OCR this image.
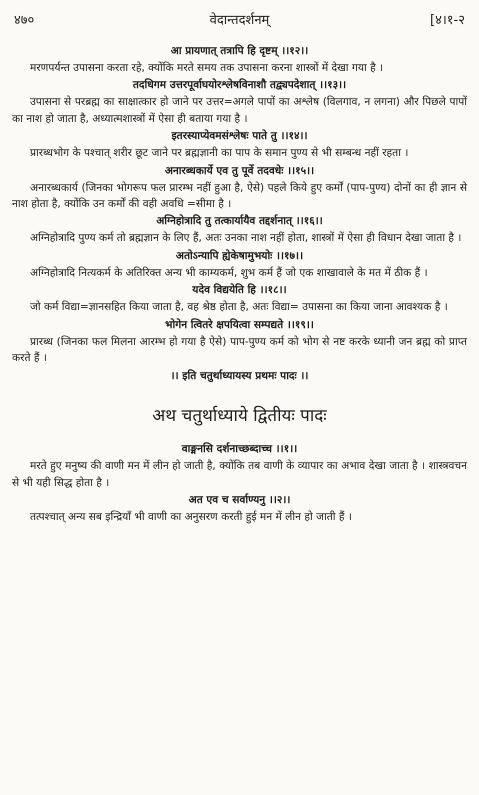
४७०	वेदान्तदर्शनम्	[४।१-२

आ प्रायणात् तत्रापि हि दृष्टम् ।।१२।।

मरणपर्यन्त उपासना करता रहे, क्योंकि मरते समय तक उपासना करना शास्त्रों में देखा गया है ।

तदधिगम उत्तरपूर्वाघयोरश्लेषविनाशौ तद्व्यपदेशात् ।।१३।।

उपासना से परब्रह्म का साक्षात्कार हो जाने पर उत्तर=अगले पापों का अश्लेष (विलगाव, न लगना) और पिछले पापों का नाश हो जाता है, अध्यात्मशास्त्रों में ऐसा ही बताया गया है ।

इतरस्याप्येवमसंश्लेषः पाते तु ।।१४।।

प्रारब्धभोग के पश्चात् शरीर छूट जाने पर ब्रह्मज्ञानी का पाप के समान पुण्य से भी सम्बन्ध नहीं रहता ।

अनारब्धकार्ये एव तु पूर्वे तदवधेः ।।१५।।

अनारब्धकार्य (जिनका भोगरूप फल प्रारम्भ नहीं हुआ है, ऐसे) पहले किये हुए कर्मों (पाप-पुण्य) दोनों का ही ज्ञान से नाश होता है, क्योंकि उन कर्मों की वही अवधि =सीमा है ।

अग्निहोत्रादि तु तत्कार्यायैव तद्दर्शनात् ।।१६।।

अग्निहोत्रादि पुण्य कर्म तो ब्रह्मज्ञान के लिए हैं, अतः उनका नाश नहीं होता, शास्त्रों में ऐसा ही विधान देखा जाता है ।

अतोऽन्यापि ह्येकेषामुभयोः ।।१७।।

अग्निहोत्रादि नित्यकर्म के अतिरिक्त अन्य भी काम्यकर्म, शुभ कर्म हैं जो एक शाखावाले के मत में ठीक हैं ।

यदेव विद्ययेति हि ।।१८।।

जो कर्म विद्या=ज्ञानसहित किया जाता है, वह श्रेष्ठ होता है, अतः विद्या= उपासना का किया जाना आवश्यक है ।

भोगेन त्वितरे क्षपयित्वा सम्पद्यते ।।१९।।

प्रारब्ध (जिनका फल मिलना आरम्भ हो गया है ऐसे) पाप-पुण्य कर्म को भोग से नष्ट करके ध्यानी जन ब्रह्म को प्राप्त करते हैं ।

।। इति चतुर्थाध्यायस्य प्रथमः पादः ।।

अथ चतुर्थाध्याये द्वितीयः पादः

वाङ्मनसि दर्शनाच्छब्दाच्च ।।१।।

मरते हुए मनुष्य की वाणी मन में लीन हो जाती है, क्योंकि तब वाणी के व्यापार का अभाव देखा जाता है । शास्त्रवचन से भी यही सिद्ध होता है ।

अत एव च सर्वाण्यनु ।।२।।

तत्पश्चात् अन्य सब इन्द्रियाँ भी वाणी का अनुसरण करती हुई मन में लीन हो जाती हैं ।
